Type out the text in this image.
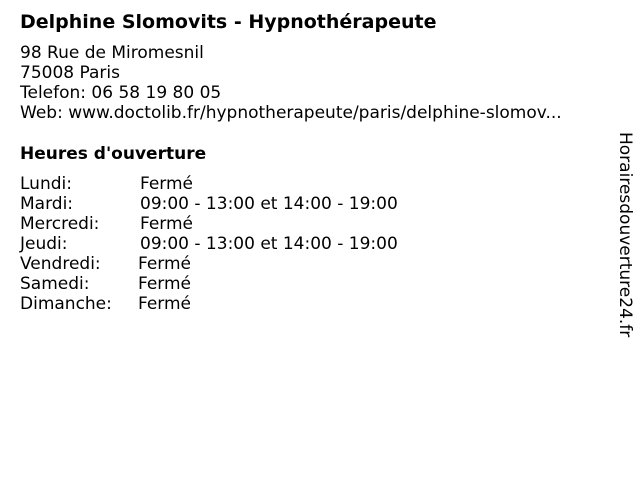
Delphine Slomovits - Hypnothérapeute
98 Rue de Miromesnil
75008 Paris
Telefon: 06 58 19 80 05
Web: www.doctolib.fr/hypnotherapeute/paris/delphine-slomov...
Heures d'ouverture
Lundi:	Fermé
Mardi:	09:00 - 13:00 et 14:00 - 19:00
Mercredi: Fermé
Jeudi:	09:00 - 13:00 et 14:00 - 19:00
Vendredi: Fermé
Samedi:	Fermé
Dimanche: Fermé	Horairesdouverture24.fr
